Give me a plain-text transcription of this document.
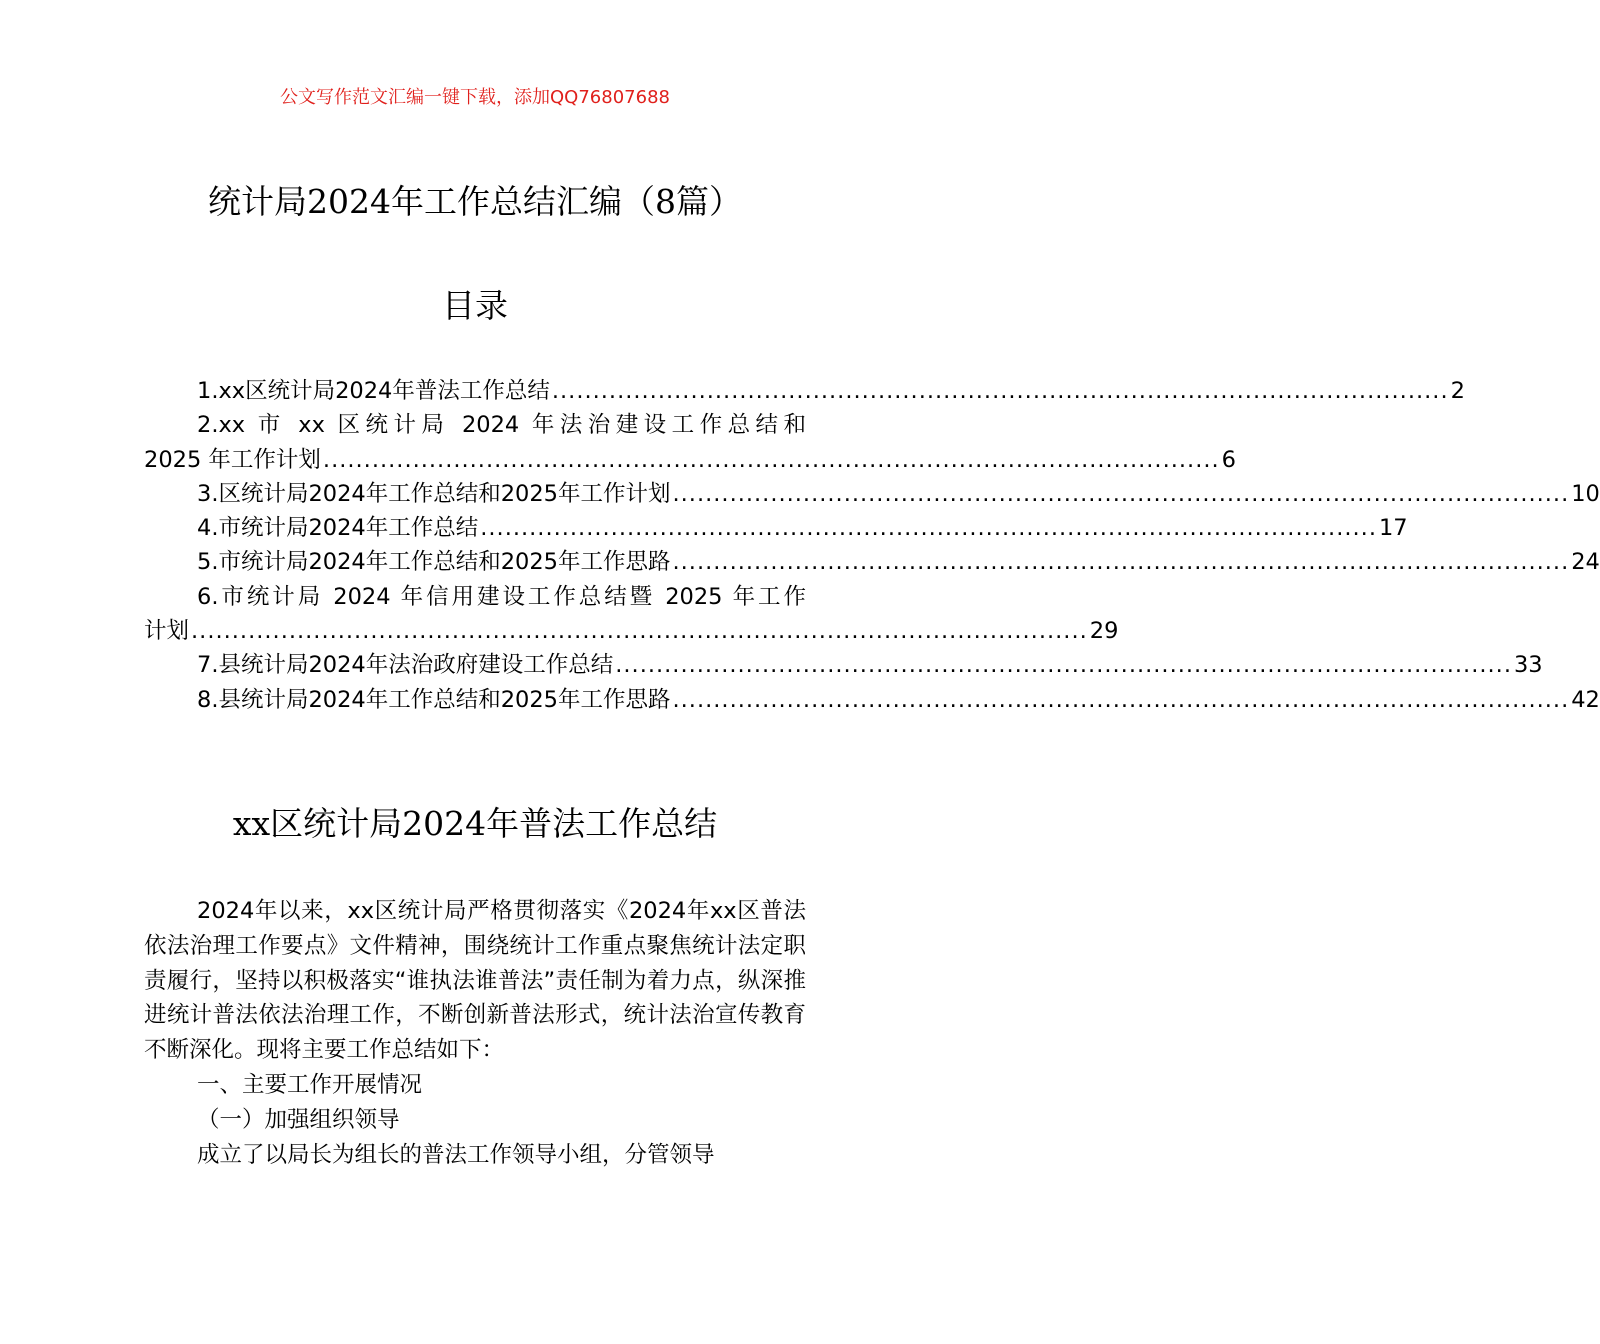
公文写作范文汇编一键下载，添加QQ76807688
统计局2024年工作总结汇编（8篇）
目录
1.xx区统计局2024年普法工作总结 .............................................................................................................. 2
2.xx 市 xx 区统计局 2024 年法治建设工作总结和
2025 年工作计划 .............................................................................................................. 6
3.区统计局2024年工作总结和2025年工作计划 .............................................................................................................. 10
4.市统计局2024年工作总结 .............................................................................................................. 17
5.市统计局2024年工作总结和2025年工作思路 .............................................................................................................. 24
6.市统计局 2024 年信用建设工作总结暨 2025 年工作
计划 .............................................................................................................. 29
7.县统计局2024年法治政府建设工作总结 .............................................................................................................. 33
8.县统计局2024年工作总结和2025年工作思路 .............................................................................................................. 42
xx区统计局2024年普法工作总结

2024年以来，xx区统计局严格贯彻落实《2024年xx区普法依法治理工作要点》文件精神，围绕统计工作重点聚焦统计法定职责履行，坚持以积极落实“谁执法谁普法”责任制为着力点，纵深推进统计普法依法治理工作，不断创新普法形式，统计法治宣传教育不断深化。现将主要工作总结如下：

一、主要工作开展情况

（一）加强组织领导

成立了以局长为组长的普法工作领导小组，分管领导
